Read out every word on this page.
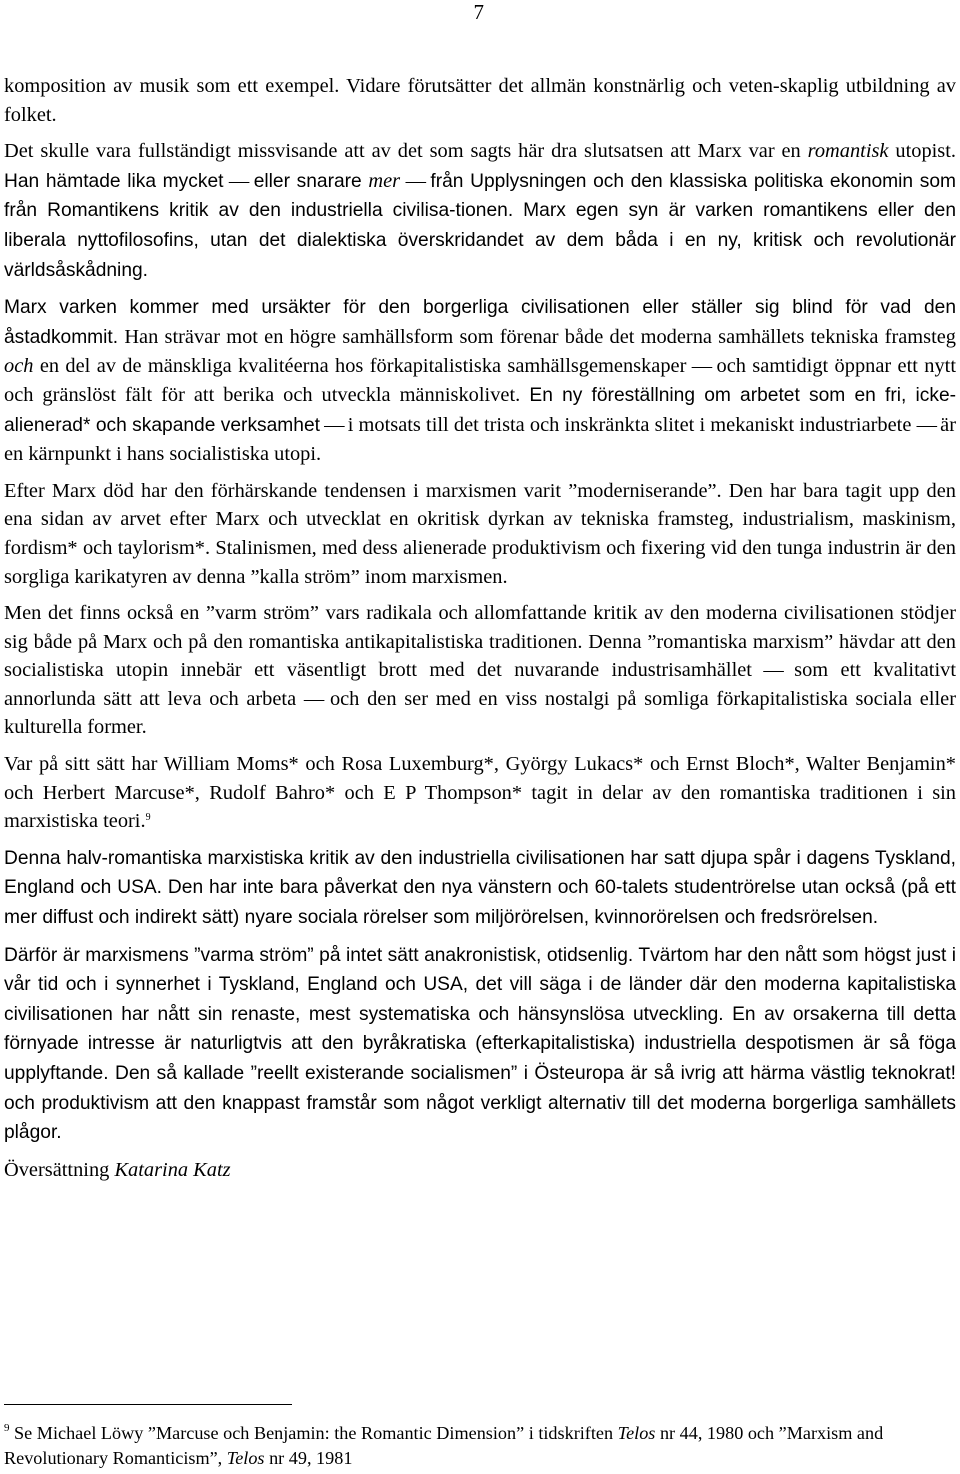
7

komposition av musik som ett exempel. Vidare förutsätter det allmän konstnärlig och veten-skaplig utbildning av folket.

Det skulle vara fullständigt missvisande att av det som sagts här dra slutsatsen att Marx var en romantisk utopist. Han hämtade lika mycket — eller snarare mer — från Upplysningen och den klassiska politiska ekonomin som från Romantikens kritik av den industriella civilisa-tionen. Marx egen syn är varken romantikens eller den liberala nyttofilosofins, utan det dialektiska överskridandet av dem båda i en ny, kritisk och revolutionär världsåskådning.

Marx varken kommer med ursäkter för den borgerliga civilisationen eller ställer sig blind för vad den åstadkommit. Han strävar mot en högre samhällsform som förenar både det moderna samhällets tekniska framsteg och en del av de mänskliga kvalitéerna hos förkapitalistiska samhällsgemenskaper — och samtidigt öppnar ett nytt och gränslöst fält för att berika och utveckla människolivet. En ny föreställning om arbetet som en fri, icke-alienerad* och skapande verksamhet — i motsats till det trista och inskränkta slitet i mekaniskt industriarbete — är en kärnpunkt i hans socialistiska utopi.

Efter Marx död har den förhärskande tendensen i marxismen varit ”moderniserande”. Den har bara tagit upp den ena sidan av arvet efter Marx och utvecklat en okritisk dyrkan av tekniska framsteg, industrialism, maskinism, fordism* och taylorism*. Stalinismen, med dess alienerade produktivism och fixering vid den tunga industrin är den sorgliga karikatyren av denna ”kalla ström” inom marxismen.

Men det finns också en ”varm ström” vars radikala och allomfattande kritik av den moderna civilisationen stödjer sig både på Marx och på den romantiska antikapitalistiska traditionen. Denna ”romantiska marxism” hävdar att den socialistiska utopin innebär ett väsentligt brott med det nuvarande industrisamhället — som ett kvalitativt annorlunda sätt att leva och arbeta — och den ser med en viss nostalgi på somliga förkapitalistiska sociala eller kulturella former.

Var på sitt sätt har William Moms* och Rosa Luxemburg*, György Lukacs* och Ernst Bloch*, Walter Benjamin* och Herbert Marcuse*, Rudolf Bahro* och E P Thompson* tagit in delar av den romantiska traditionen i sin marxistiska teori.$^9$

Denna halv-romantiska marxistiska kritik av den industriella civilisationen har satt djupa spår i dagens Tyskland, England och USA. Den har inte bara påverkat den nya vänstern och 60-talets studentrörelse utan också (på ett mer diffust och indirekt sätt) nyare sociala rörelser som miljörörelsen, kvinnorörelsen och fredsrörelsen.

Därför är marxismens ”varma ström” på intet sätt anakronistisk, otidsenlig. Tvärtom har den nått som högst just i vår tid och i synnerhet i Tyskland, England och USA, det vill säga i de länder där den moderna kapitalistiska civilisationen har nått sin renaste, mest systematiska och hänsynslösa utveckling. En av orsakerna till detta förnyade intresse är naturligtvis att den byråkratiska (efterkapitalistiska) industriella despotismen är så föga upplyftande. Den så kallade ”reellt existerande socialismen” i Östeuropa är så ivrig att härma västlig teknokrat! och produktivism att den knappast framstår som något verkligt alternativ till det moderna borgerliga samhällets plågor.

Översättning Katarina Katz

$^9$ Se Michael Löwy ”Marcuse och Benjamin: the Romantic Dimension” i tidskriften Telos nr 44, 1980 och ”Marxism and Revolutionary Romanticism”, Telos nr 49, 1981
